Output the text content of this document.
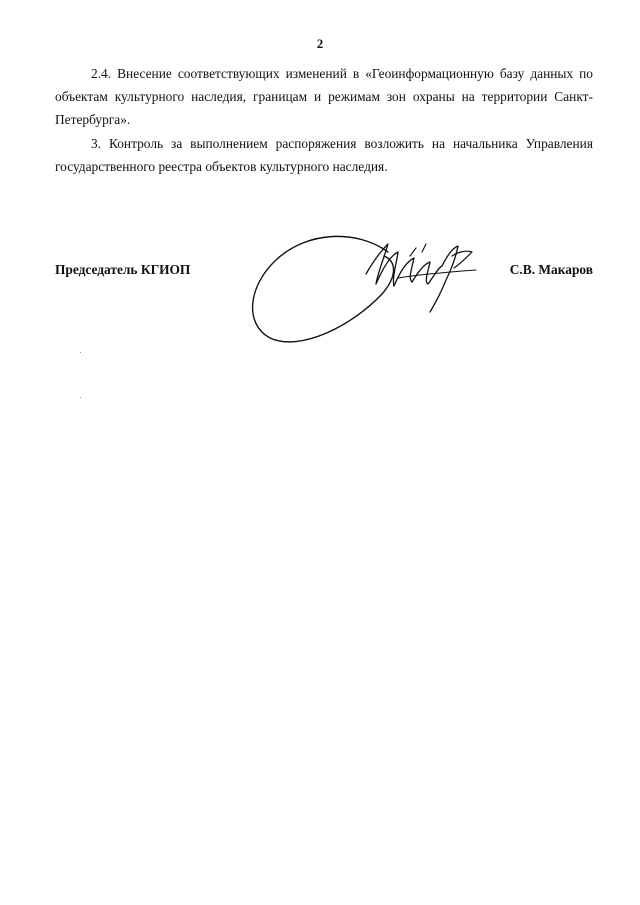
2

2.4. Внесение соответствующих изменений в «Геоинформационную базу данных по объектам культурного наследия, границам и режимам зон охраны на территории Санкт-Петербурга».

3. Контроль за выполнением распоряжения возложить на начальника Управления государственного реестра объектов культурного наследия.

Председатель КГИОП	С.В. Макаров
